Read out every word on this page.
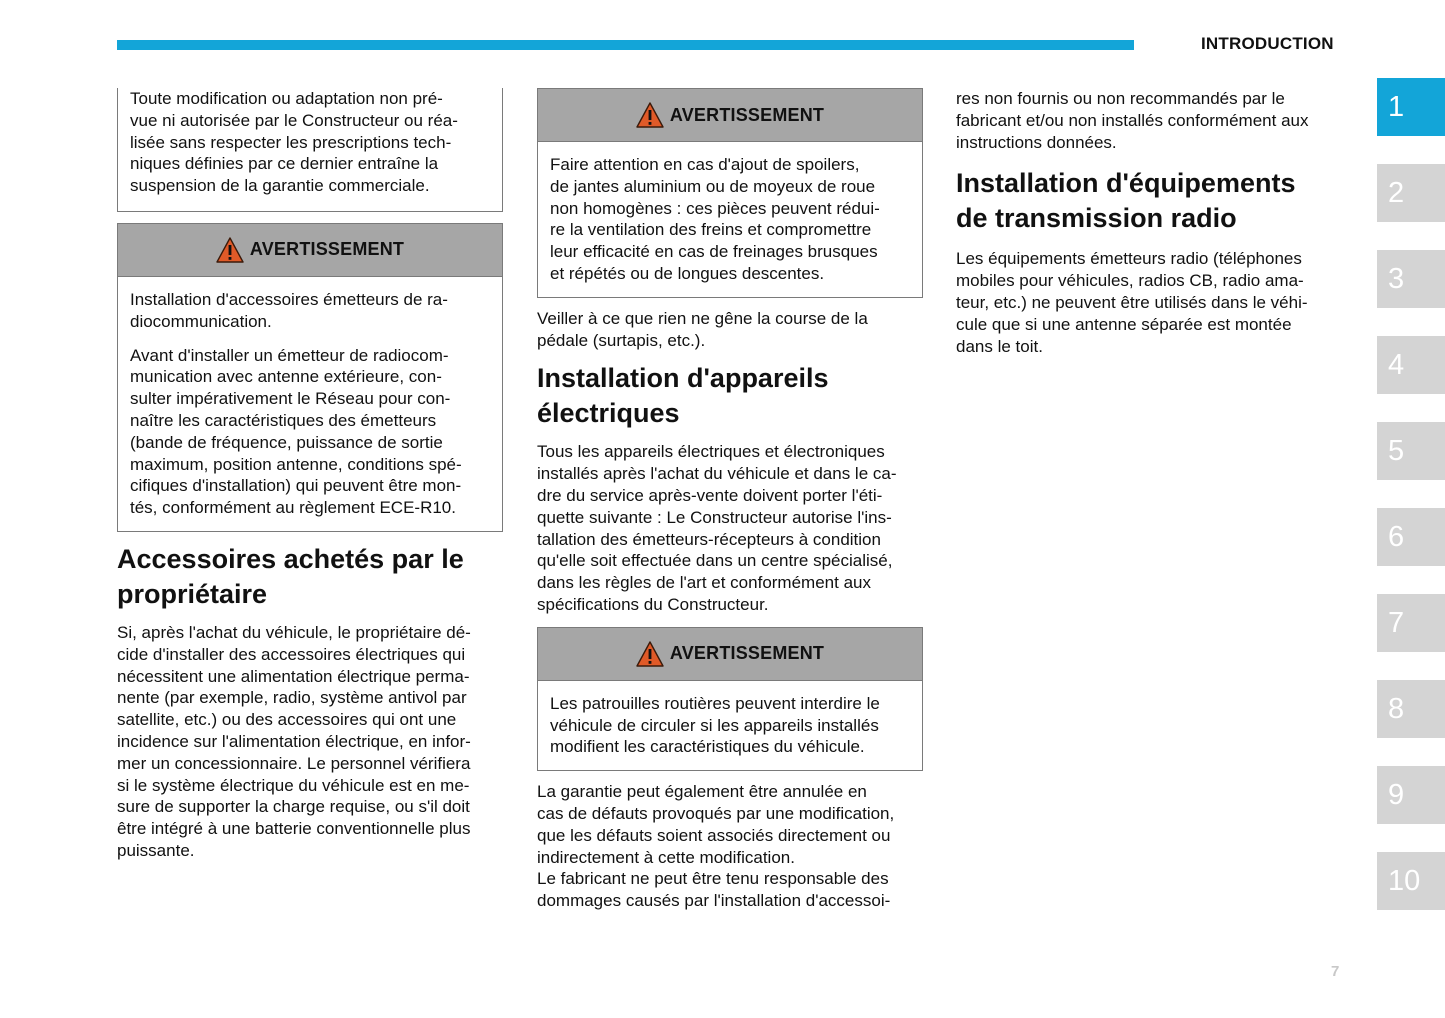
INTRODUCTION

Toute modification ou adaptation non pré-
vue ni autorisée par le Constructeur ou réa-
lisée sans respecter les prescriptions tech-
niques définies par ce dernier entraîne la
suspension de la garantie commerciale.

AVERTISSEMENT

Installation d'accessoires émetteurs de ra-
diocommunication.

Avant d'installer un émetteur de radiocom-
munication avec antenne extérieure, con-
sulter impérativement le Réseau pour con-
naître les caractéristiques des émetteurs
(bande de fréquence, puissance de sortie
maximum, position antenne, conditions spé-
cifiques d'installation) qui peuvent être mon-
tés, conformément au règlement ECE-R10.

Accessoires achetés par le
propriétaire

Si, après l'achat du véhicule, le propriétaire dé-
cide d'installer des accessoires électriques qui
nécessitent une alimentation électrique perma-
nente (par exemple, radio, système antivol par
satellite, etc.) ou des accessoires qui ont une
incidence sur l'alimentation électrique, en infor-
mer un concessionnaire. Le personnel vérifiera
si le système électrique du véhicule est en me-
sure de supporter la charge requise, ou s'il doit
être intégré à une batterie conventionnelle plus
puissante.

AVERTISSEMENT

Faire attention en cas d'ajout de spoilers,
de jantes aluminium ou de moyeux de roue
non homogènes : ces pièces peuvent rédui-
re la ventilation des freins et compromettre
leur efficacité en cas de freinages brusques
et répétés ou de longues descentes.

Veiller à ce que rien ne gêne la course de la
pédale (surtapis, etc.).

Installation d'appareils
électriques

Tous les appareils électriques et électroniques
installés après l'achat du véhicule et dans le ca-
dre du service après-vente doivent porter l'éti-
quette suivante : Le Constructeur autorise l'ins-
tallation des émetteurs-récepteurs à condition
qu'elle soit effectuée dans un centre spécialisé,
dans les règles de l'art et conformément aux
spécifications du Constructeur.

AVERTISSEMENT

Les patrouilles routières peuvent interdire le
véhicule de circuler si les appareils installés
modifient les caractéristiques du véhicule.

La garantie peut également être annulée en
cas de défauts provoqués par une modification,
que les défauts soient associés directement ou
indirectement à cette modification.
Le fabricant ne peut être tenu responsable des
dommages causés par l'installation d'accessoi-

res non fournis ou non recommandés par le
fabricant et/ou non installés conformément aux
instructions données.

Installation d'équipements
de transmission radio

Les équipements émetteurs radio (téléphones
mobiles pour véhicules, radios CB, radio ama-
teur, etc.) ne peuvent être utilisés dans le véhi-
cule que si une antenne séparée est montée
dans le toit.

1
2
3
4
5
6
7
8
9
10
7
